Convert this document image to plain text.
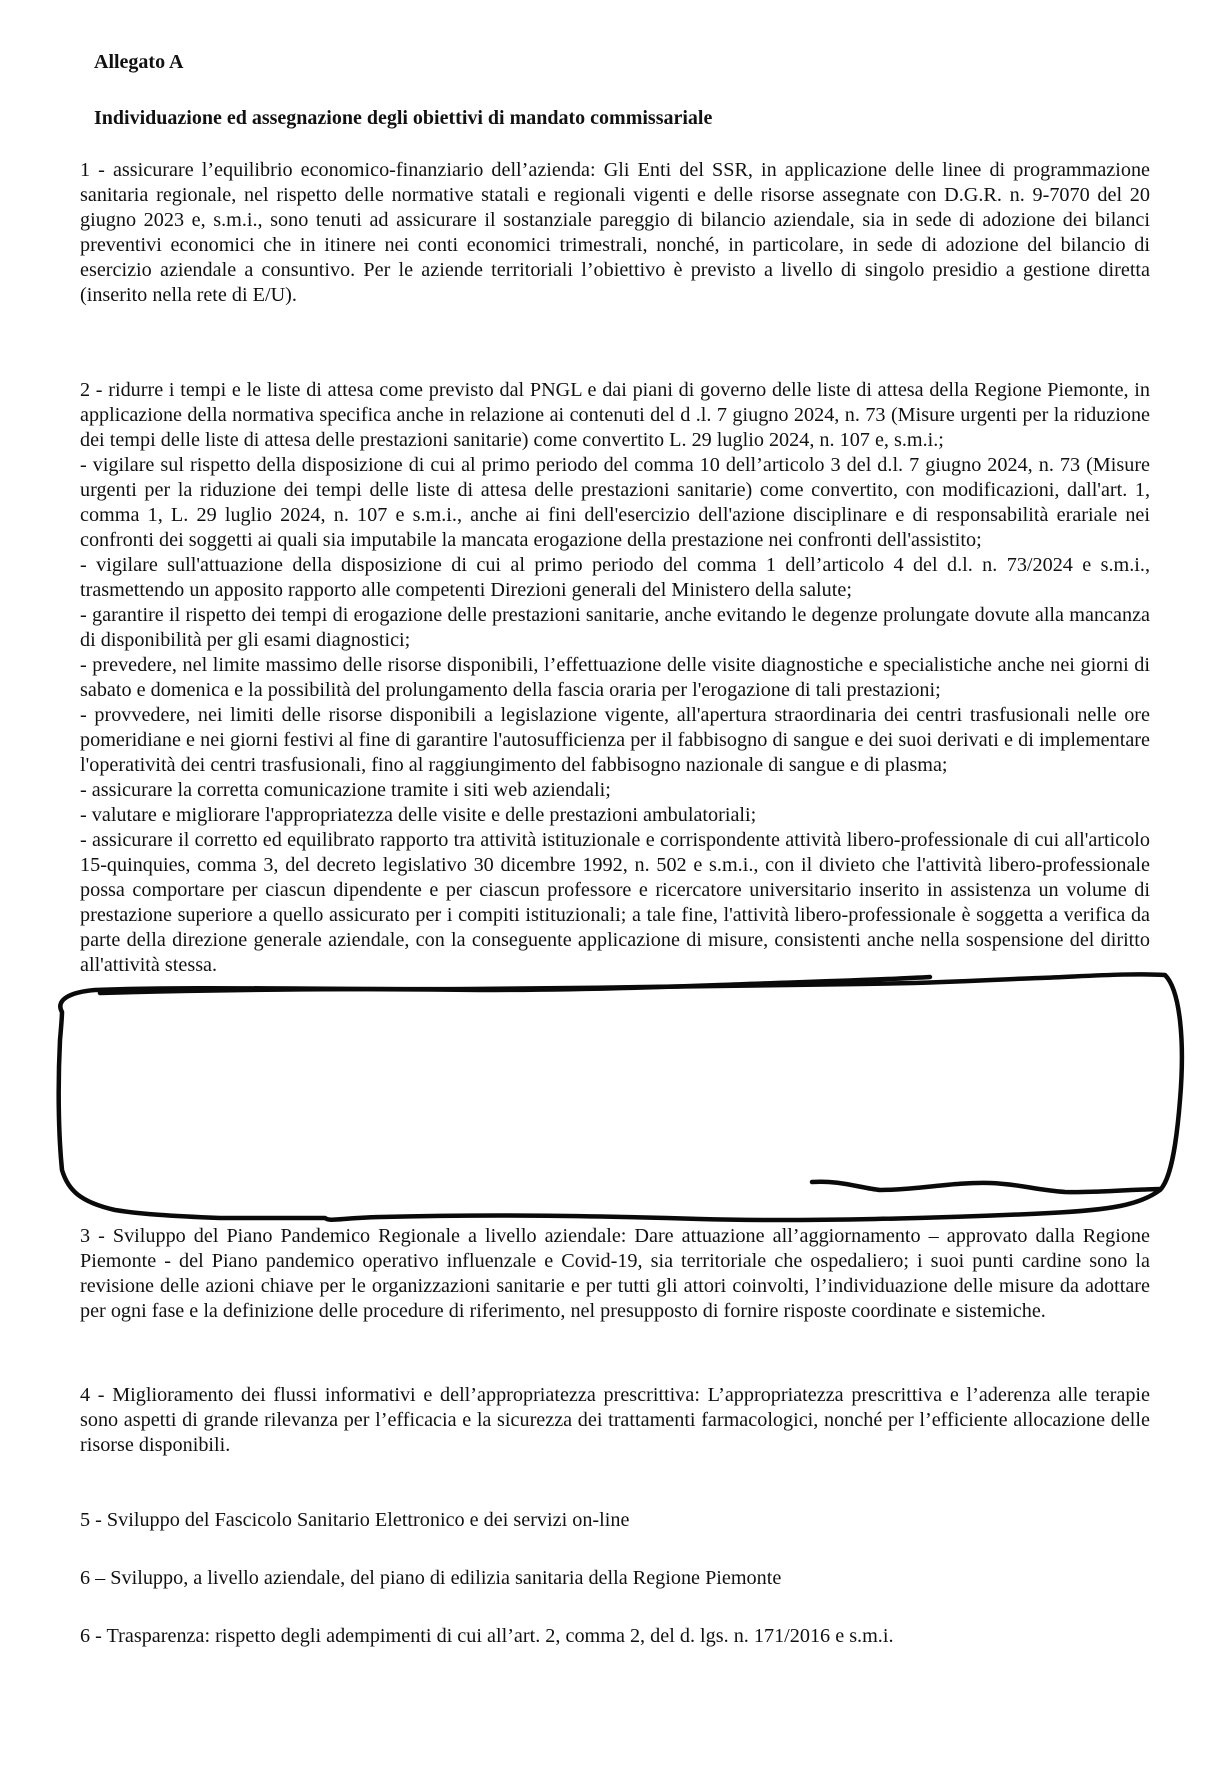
Allegato A
Individuazione ed assegnazione degli obiettivi di mandato commissariale

1 - assicurare l’equilibrio economico-finanziario dell’azienda: Gli Enti del SSR, in applicazione delle linee di programmazione sanitaria regionale, nel rispetto delle normative statali e regionali vigenti e delle risorse assegnate con D.G.R. n. 9-7070 del 20 giugno 2023 e, s.m.i., sono tenuti ad assicurare il sostanziale pareggio di bilancio aziendale, sia in sede di adozione dei bilanci preventivi economici che in itinere nei conti economici trimestrali, nonché, in particolare, in sede di adozione del bilancio di esercizio aziendale a consuntivo. Per le aziende territoriali l’obiettivo è previsto a livello di singolo presidio a gestione diretta (inserito nella rete di E/U).

2 - ridurre i tempi e le liste di attesa come previsto dal PNGL e dai piani di governo delle liste di attesa della Regione Piemonte, in applicazione della normativa specifica anche in relazione ai contenuti del d .l. 7 giugno 2024, n. 73 (Misure urgenti per la riduzione dei tempi delle liste di attesa delle prestazioni sanitarie) come convertito L. 29 luglio 2024, n. 107 e, s.m.i.;

- vigilare sul rispetto della disposizione di cui al primo periodo del comma 10 dell’articolo 3 del d.l. 7 giugno 2024, n. 73 (Misure urgenti per la riduzione dei tempi delle liste di attesa delle prestazioni sanitarie) come convertito, con modificazioni, dall'art. 1, comma 1, L. 29 luglio 2024, n. 107 e s.m.i., anche ai fini dell'esercizio dell'azione disciplinare e di responsabilità erariale nei confronti dei soggetti ai quali sia imputabile la mancata erogazione della prestazione nei confronti dell'assistito;

- vigilare sull'attuazione della disposizione di cui al primo periodo del comma 1 dell’articolo 4 del d.l. n. 73/2024 e s.m.i., trasmettendo un apposito rapporto alle competenti Direzioni generali del Ministero della salute;

- garantire il rispetto dei tempi di erogazione delle prestazioni sanitarie, anche evitando le degenze prolungate dovute alla mancanza di disponibilità per gli esami diagnostici;

- prevedere, nel limite massimo delle risorse disponibili, l’effettuazione delle visite diagnostiche e specialistiche anche nei giorni di sabato e domenica e la possibilità del prolungamento della fascia oraria per l'erogazione di tali prestazioni;

- provvedere, nei limiti delle risorse disponibili a legislazione vigente, all'apertura straordinaria dei centri trasfusionali nelle ore pomeridiane e nei giorni festivi al fine di garantire l'autosufficienza per il fabbisogno di sangue e dei suoi derivati e di implementare l'operatività dei centri trasfusionali, fino al raggiungimento del fabbisogno nazionale di sangue e di plasma;

- assicurare la corretta comunicazione tramite i siti web aziendali;

- valutare e migliorare l'appropriatezza delle visite e delle prestazioni ambulatoriali;

- assicurare il corretto ed equilibrato rapporto tra attività istituzionale e corrispondente attività libero-professionale di cui all'articolo 15-quinquies, comma 3, del decreto legislativo 30 dicembre 1992, n. 502 e s.m.i., con il divieto che l'attività libero-professionale possa comportare per ciascun dipendente e per ciascun professore e ricercatore universitario inserito in assistenza un volume di prestazione superiore a quello assicurato per i compiti istituzionali; a tale fine, l'attività libero-professionale è soggetta a verifica da parte della direzione generale aziendale, con la conseguente applicazione di misure, consistenti anche nella sospensione del diritto all'attività stessa.

3 - Sviluppo del Piano Pandemico Regionale a livello aziendale: Dare attuazione all’aggiornamento – approvato dalla Regione Piemonte - del Piano pandemico operativo influenzale e Covid-19, sia territoriale che ospedaliero; i suoi punti cardine sono la revisione delle azioni chiave per le organizzazioni sanitarie e per tutti gli attori coinvolti, l’individuazione delle misure da adottare per ogni fase e la definizione delle procedure di riferimento, nel presupposto di fornire risposte coordinate e sistemiche.

4 - Miglioramento dei flussi informativi e dell’appropriatezza prescrittiva: L’appropriatezza prescrittiva e l’aderenza alle terapie sono aspetti di grande rilevanza per l’efficacia e la sicurezza dei trattamenti farmacologici, nonché per l’efficiente allocazione delle risorse disponibili.

5 - Sviluppo del Fascicolo Sanitario Elettronico e dei servizi on-line

6 – Sviluppo, a livello aziendale, del piano di edilizia sanitaria della Regione Piemonte

6 - Trasparenza: rispetto degli adempimenti di cui all’art. 2, comma 2, del d. lgs. n. 171/2016 e s.m.i.
